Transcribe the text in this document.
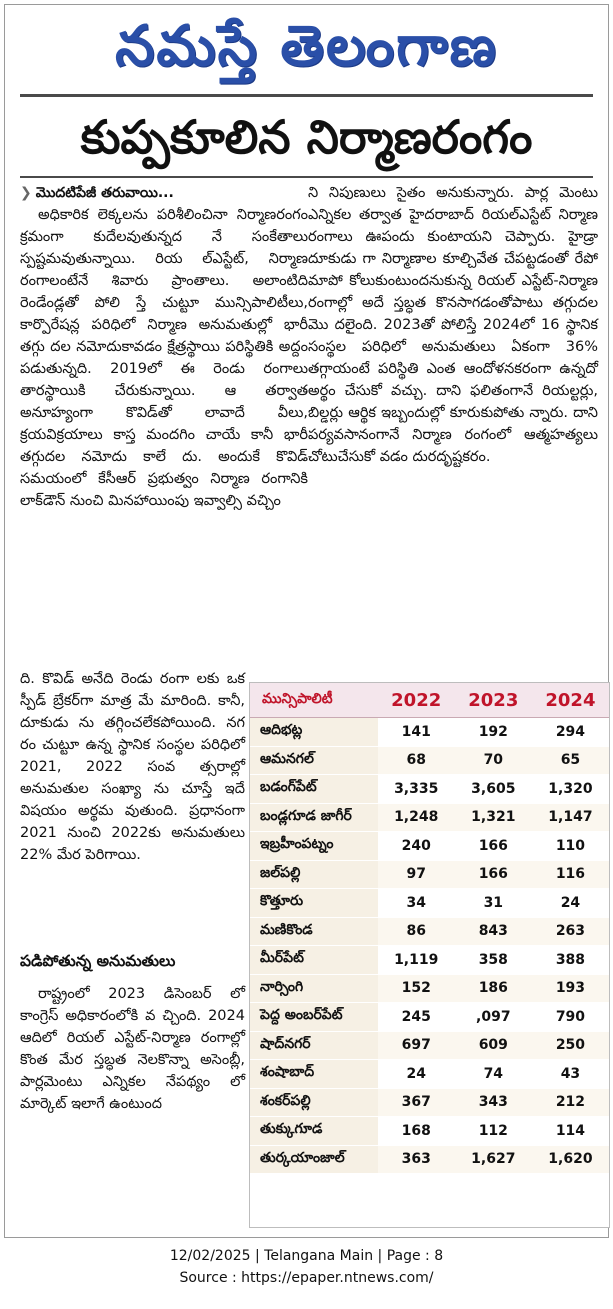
నమస్తే తెలంగాణ
కుప్పకూలిన నిర్మాణరంగం
❯ మొదటిపేజీ తరువాయి...

అధికారిక లెక్కలను పరిశీలించినా నిర్మాణరంగం క్రమంగా కుదేలవుతున్నద నే సంకేతాలు స్పష్టమవుతున్నాయి. రియ ల్‌ఎస్టేట్‌, నిర్మాణ రంగాలంటేనే శివారు ప్రాంతాలు. అలాంటిది రెండేండ్లతో పోలి స్తే చుట్టూ మున్సిపాలిటీలు, కార్పొరేషన్ల పరిధిలో నిర్మాణ అనుమతుల్లో భారీ తగ్గు దల నమోదుకావడం క్షేత్రస్థాయి పరిస్థితికి అద్దం పడుతున్నది. 2019లో ఈ రెండు రంగాలు తారస్థాయికి చేరుకున్నాయి. ఆ తర్వాత అనూహ్యంగా కొవిడ్‌తో లావాదే వీలు, క్రయవిక్రయాలు కాస్త మందగిం చాయే కానీ భారీ తగ్గుదల నమోదు కాలే దు. అందుకే కొవిడ్‌ సమయంలో కేసీఆర్‌ ప్రభుత్వం నిర్మాణ రంగానికి లాక్‌డౌన్‌ నుంచి మినహాయింపు ఇవ్వాల్సి వచ్చిం

ది. కొవిడ్‌ అనేది రెండు రంగా లకు ఒక స్పీడ్‌ బ్రేకర్‌గా మాత్ర మే మారింది. కానీ, దూకుడు ను తగ్గించలేకపోయింది. నగ రం చుట్టూ ఉన్న స్థానిక సంస్థల పరిధిలో 2021, 2022 సంవ త్సరాల్లో అనుమతుల సంఖ్యా ను చూస్తే ఇదే విషయం అర్థమ వుతుంది. ప్రధానంగా 2021 నుంచి 2022కు అనుమతులు 22% మేర పెరిగాయి.

పడిపోతున్న అనుమతులు

రాష్ట్రంలో 2023 డిసెంబర్‌ లో కాంగ్రెస్‌ అధికారంలోకి వ చ్చింది. 2024 ఆదిలో రియల్‌ ఎస్టేట్‌-నిర్మాణ రంగాల్లో కొంత మేర స్తబ్ధత నెలకొన్నా అసెంబ్లీ, పార్లమెంటు ఎన్నికల నేపథ్యం లో మార్కెట్‌ ఇలాగే ఉంటుంద

ని నిపుణులు సైతం అనుకున్నారు. పార్ల మెంటు ఎన్నికల తర్వాత హైదరాబాద్‌ రియల్‌ఎస్టేట్‌ నిర్మాణ రంగాలు ఊపందు కుంటాయని చెప్పారు. హైడ్రా దూకుడు గా నిర్మాణాల కూల్చివేత చేపట్టడంతో రేపో మాపో కోలుకుంటుందనుకున్న రియల్‌ ఎస్టేట్‌-నిర్మాణ రంగాల్లో అదే స్తబ్ధత కొనసాగడంతోపాటు తగ్గుదల మొ దలైంది. 2023తో పోలిస్తే 2024లో 16 స్థానిక సంస్థల పరిధిలో అనుమతులు ఏకంగా 36% తగ్గాయంటే పరిస్థితి ఎంత ఆందోళనకరంగా ఉన్నదో అర్థం చేసుకో వచ్చు. దాని ఫలితంగానే రియల్టర్లు, బిల్డర్లు ఆర్థిక ఇబ్బందుల్లో కూరుకుపోతు న్నారు. దాని పర్యవసానంగానే నిర్మాణ రంగంలో ఆత్మహత్యలు చోటుచేసుకో వడం దురదృష్టకరం.

మున్సిపాలిటీ	2022	2023	2024
ఆదిభట్ల	141	192	294
ఆమనగల్‌	68	70	65
బడంగ్‌పేట్‌	3,335	3,605	1,320
బండ్లగూడ జాగీర్‌	1,248	1,321	1,147
ఇబ్రహీంపట్నం	240	166	110
జల్‌పల్లి	97	166	116
కొత్తూరు	34	31	24
మణికొండ	86	843	263
మీర్‌పేట్‌	1,119	358	388
నార్సింగి	152	186	193
పెద్ద అంబర్‌పేట్‌	245	,097	790
షాద్‌నగర్‌	697	609	250
శంషాబాద్‌	24	74	43
శంకర్‌పల్లి	367	343	212
తుక్కుగూడ	168	112	114
తుర్కయాంజాల్‌	363	1,627	1,620
12/02/2025 | Telangana Main | Page : 8
Source : https://epaper.ntnews.com/
